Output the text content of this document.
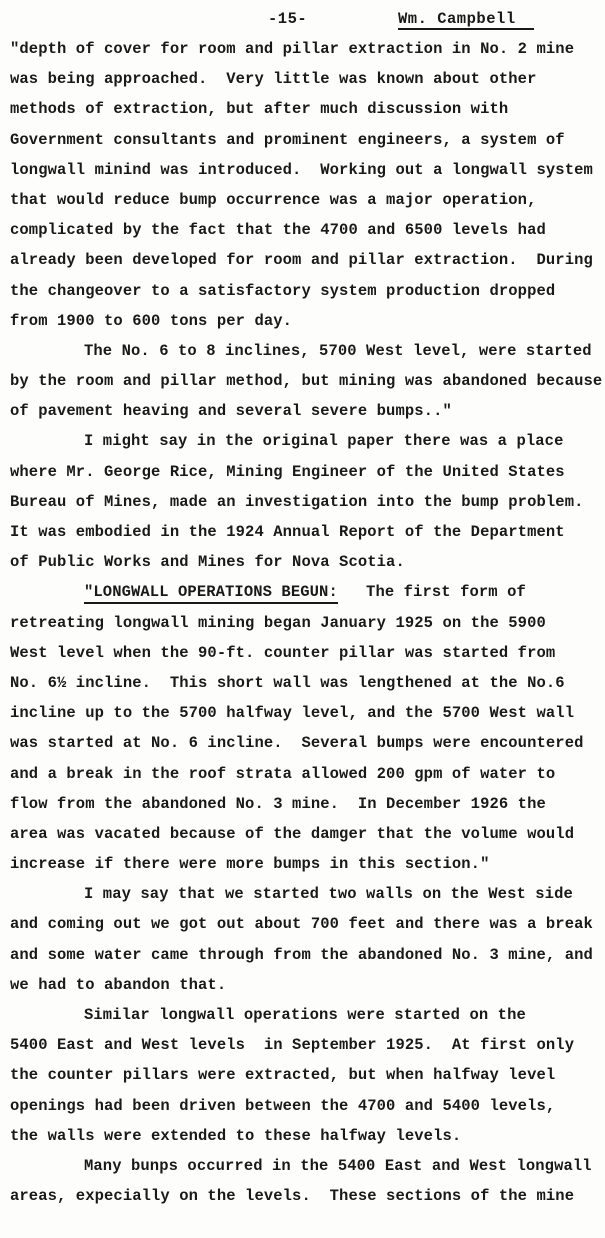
-15-	Wm. Campbell
"depth of cover for room and pillar extraction in No. 2 mine
was being approached.  Very little was known about other
methods of extraction, but after much discussion with
Government consultants and prominent engineers, a system of
longwall minind was introduced.  Working out a longwall system
that would reduce bump occurrence was a major operation,
complicated by the fact that the 4700 and 6500 levels had
already been developed for room and pillar extraction.  During
the changeover to a satisfactory system production dropped
from 1900 to 600 tons per day.
The No. 6 to 8 inclines, 5700 West level, were started
by the room and pillar method, but mining was abandoned because
of pavement heaving and several severe bumps.."
I might say in the original paper there was a place
where Mr. George Rice, Mining Engineer of the United States
Bureau of Mines, made an investigation into the bump problem.
It was embodied in the 1924 Annual Report of the Department
of Public Works and Mines for Nova Scotia.
"LONGWALL OPERATIONS BEGUN:   The first form of
retreating longwall mining began January 1925 on the 5900
West level when the 90-ft. counter pillar was started from
No. 6½ incline.  This short wall was lengthened at the No.6
incline up to the 5700 halfway level, and the 5700 West wall
was started at No. 6 incline.  Several bumps were encountered
and a break in the roof strata allowed 200 gpm of water to
flow from the abandoned No. 3 mine.  In December 1926 the
area was vacated because of the damger that the volume would
increase if there were more bumps in this section."
I may say that we started two walls on the West side
and coming out we got out about 700 feet and there was a break
and some water came through from the abandoned No. 3 mine, and
we had to abandon that.
Similar longwall operations were started on the
5400 East and West levels  in September 1925.  At first only
the counter pillars were extracted, but when halfway level
openings had been driven between the 4700 and 5400 levels,
the walls were extended to these halfway levels.
Many bunps occurred in the 5400 East and West longwall
areas, expecially on the levels.  These sections of the mine
